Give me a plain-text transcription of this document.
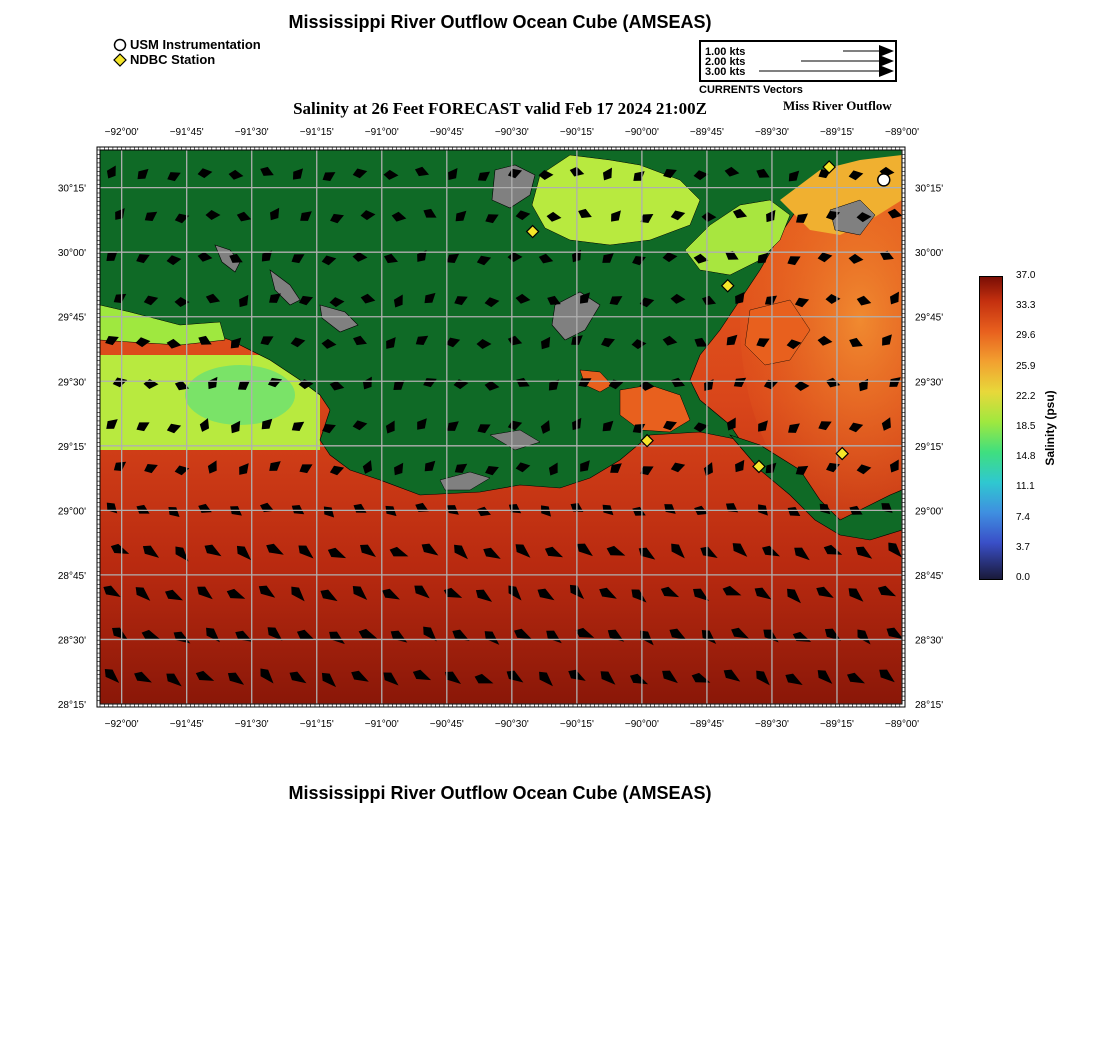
Mississippi River Outflow Ocean Cube (AMSEAS)
USM Instrumentation
NDBC Station	1.00 kts
2.00 kts
3.00 kts
CURRENTS Vectors
Salinity at 26 Feet FORECAST valid Feb 17 2024 21:00Z	Miss River Outflow
−92°00'	−91°45'	−91°30'	−91°15'	−91°00'	−90°45'	−90°30'	−90°15'	−90°00'	−89°45'	−89°30'	−89°15'	−89°00'
−92°00'	−91°45'	−91°30'	−91°15'	−91°00'	−90°45'	−90°30'	−90°15'	−90°00'	−89°45'	−89°30'	−89°15'	−89°00'
30°15'
30°00'
29°45'
29°30'
29°15'
29°00'
28°45'
28°30'
28°15'
30°15'
30°00'
29°45'
29°30'
29°15'
29°00'
28°45'
28°30'
28°15'
37.0
33.3
29.6
25.9
22.2
18.5
14.8
11.1
7.4
3.7
0.0
Salinity (psu)
Mississippi River Outflow Ocean Cube (AMSEAS)
